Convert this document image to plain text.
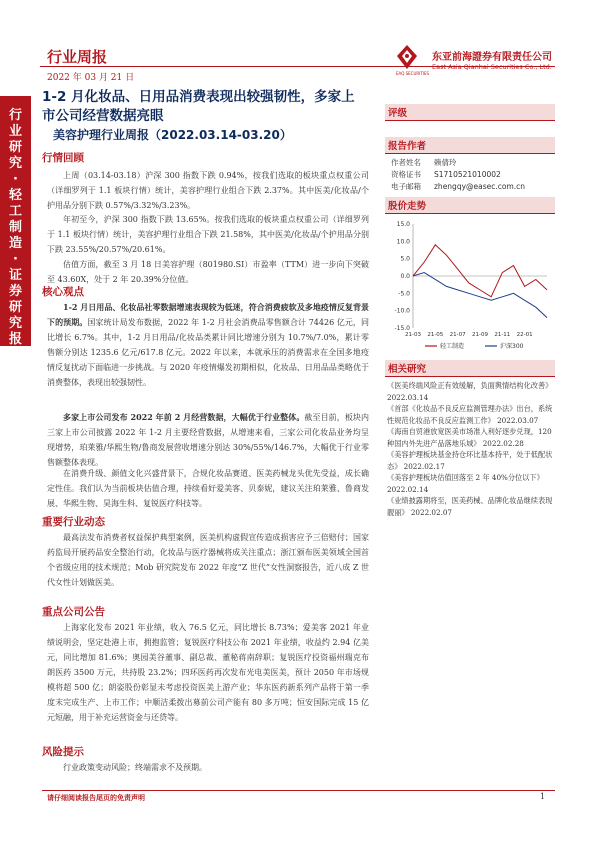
行业研究·轻工制造·证券研究报告
行业周报
2022 年 03 月 21 日
东亚前海證券有限责任公司
East Asia Qianhai Securities Co., Ltd.
EAQ SECURITIES
1-2 月化妆品、日用品消费表现出较强韧性，多家上市公司经营数据亮眼
美容护理行业周报（2022.03.14-03.20）
行情回顾
上周（03.14-03.18）沪深 300 指数下跌 0.94%，按我们选取的板块重点权重公司（详细罗列于 1.1 板块行情）统计，美容护理行业组合下跌 2.37%。其中医美/化妆品/个护用品分别下跌 0.57%/3.32%/3.23%。
年初至今，沪深 300 指数下跌 13.65%。按我们选取的板块重点权重公司（详细罗列于 1.1 板块行情）统计，美容护理行业组合下跌 21.58%，其中医美/化妆品/个护用品分别下跌 23.55%/20.57%/20.61%。
估值方面，截至 3 月 18 日美容护理（801980.SI）市盈率（TTM）进一步向下突破至 43.60X，处于 2 年 20.39%分位值。
核心观点
1-2 月日用品、化妆品社零数据增速表现较为低迷，符合消费疲软及多地疫情反复背景下的预期。国家统计局发布数据，2022 年 1-2 月社会消费品零售额合计 74426 亿元，同比增长 6.7%。其中，1-2 月日用品/化妆品类累计同比增速分别为 10.7%/7.0%，累计零售额分别达 1235.6 亿元/617.8 亿元。2022 年以来，本就承压的消费需求在全国多地疫情反复扰动下面临进一步挑战。与 2020 年疫情爆发初期相似，化妆品、日用品品类略优于消费整体，表现出较强韧性。
多家上市公司发布 2022 年前 2 月经营数据，大幅优于行业整体。截至目前，板块内三家上市公司披露 2022 年 1-2 月主要经营数据，从增速来看，三家公司化妆品业务均呈现增势，珀莱雅/华熙生物/鲁商发展营收增速分别达 30%/55%/146.7%，大幅优于行业零售额整体表现。
在消费升级、颜值文化兴盛背景下，合规化妆品赛道、医美药械龙头优先受益，成长确定性佳。我们认为当前板块估值合理，持续看好爱美客、贝泰妮，建议关注珀莱雅、鲁商发展、华熙生物、昊海生科、复锐医疗科技等。
重要行业动态
最高法发布消费者权益保护典型案例，医美机构虚假宣传造成损害应予三倍赔付；国家药监局开展药品安全整治行动，化妆品与医疗器械将成关注重点；浙江颁布医美领域全国首个省级应用的技术规范；Mob 研究院发布 2022 年度“Z 世代”女性洞察报告，近八成 Z 世代女性计划做医美。
重点公司公告
上海家化发布 2021 年业绩，收入 76.5 亿元，同比增长 8.73%；爱美客 2021 年业绩说明会，坚定赴港上市，拥抱监管；复锐医疗科技公布 2021 年业绩，收益约 2.94 亿美元，同比增加 81.6%；奥园美谷董事、副总裁、董秘蒋南辞职；复锐医疗投资福州瑞克布朗医药 3500 万元，共持股 23.2%；四环医药再次发布光电美医美，预计 2050 年市场规模将超 500 亿；朗姿股份彰显未考虑投资医美上游产业；华东医药新系列产品将于第一季度末完成生产、上市工作；中顺洁柔拨出募前公司产能有 80 多万吨；恒安国际完成 15 亿元短融，用于补充运营资金与还贷等。
风险提示
行业政策变动风险；终端需求不及预期。
评级
报告作者
作者姓名	赖倩玲
资格证书	S1710521010002
电子邮箱	zhengqy@easec.com.cn
股价走势
15.0
10.0
5.0
0.0
-5.0
-10.0
-15.0
21-03 21-05 21-07 21-09 21-11 22-01
轻工制造	沪深300
相关研究
《医美终端风险正有效缓解，负面舆情结构化改善》 2022.03.14
《首部《化妆品不良反应监测管理办法》出台，系统性规范化妆品不良反应监测工作》 2022.03.07
《海南自贸港放宽医美市场准入利好逐步兑现，120 种国内外先进产品落地乐城》 2022.02.28
《美容护理板块基金持仓环比基本持平，处于低配状态》 2022.02.17
《美容护理板块估值回落至 2 年 40%分位以下》 2022.02.14
《业绩披露期将至，医美药械、品牌化妆品继续表现靓丽》 2022.02.07
请仔细阅读报告尾页的免责声明	1
